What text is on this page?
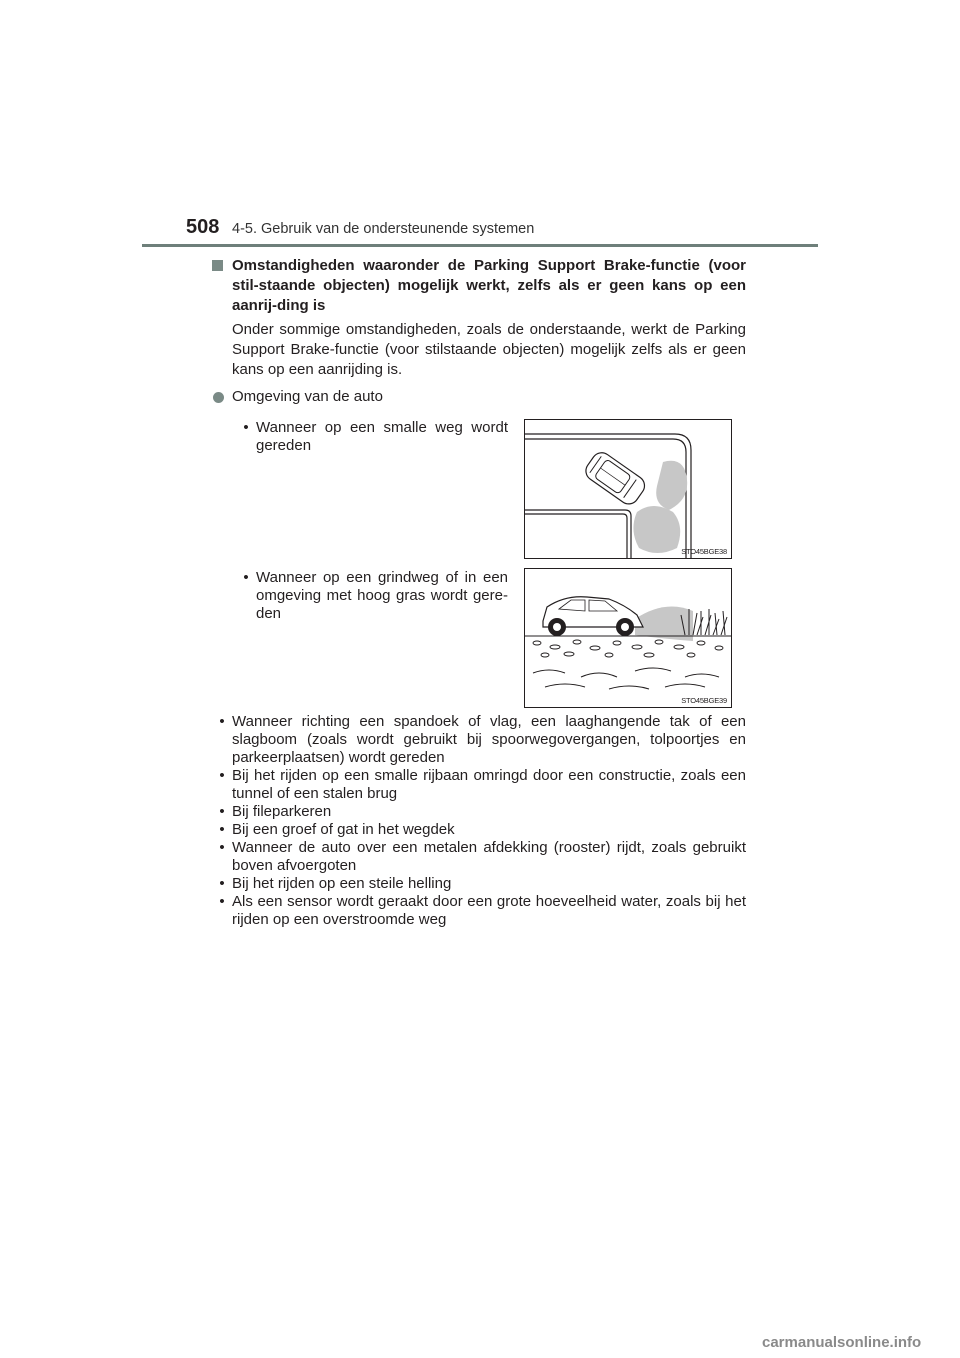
508 4-5. Gebruik van de ondersteunende systemen
Omstandigheden waaronder de Parking Support Brake-functie (voor stil-staande objecten) mogelijk werkt, zelfs als er geen kans op een aanrij-ding is
Onder sommige omstandigheden, zoals de onderstaande, werkt de Parking Support Brake-functie (voor stilstaande objecten) mogelijk zelfs als er geen kans op een aanrijding is.
Omgeving van de auto
• Wanneer op een smalle weg wordt gereden
STO45BGE38
• Wanneer op een grindweg of in een omgeving met hoog gras wordt gere-den
STO45BGE39
• Wanneer richting een spandoek of vlag, een laaghangende tak of een slagboom (zoals wordt gebruikt bij spoorwegovergangen, tolpoortjes en parkeerplaatsen) wordt gereden
• Bij het rijden op een smalle rijbaan omringd door een constructie, zoals een tunnel of een stalen brug
• Bij fileparkeren
• Bij een groef of gat in het wegdek
• Wanneer de auto over een metalen afdekking (rooster) rijdt, zoals gebruikt boven afvoergoten
• Bij het rijden op een steile helling
• Als een sensor wordt geraakt door een grote hoeveelheid water, zoals bij het rijden op een overstroomde weg
carmanualsonline.info
